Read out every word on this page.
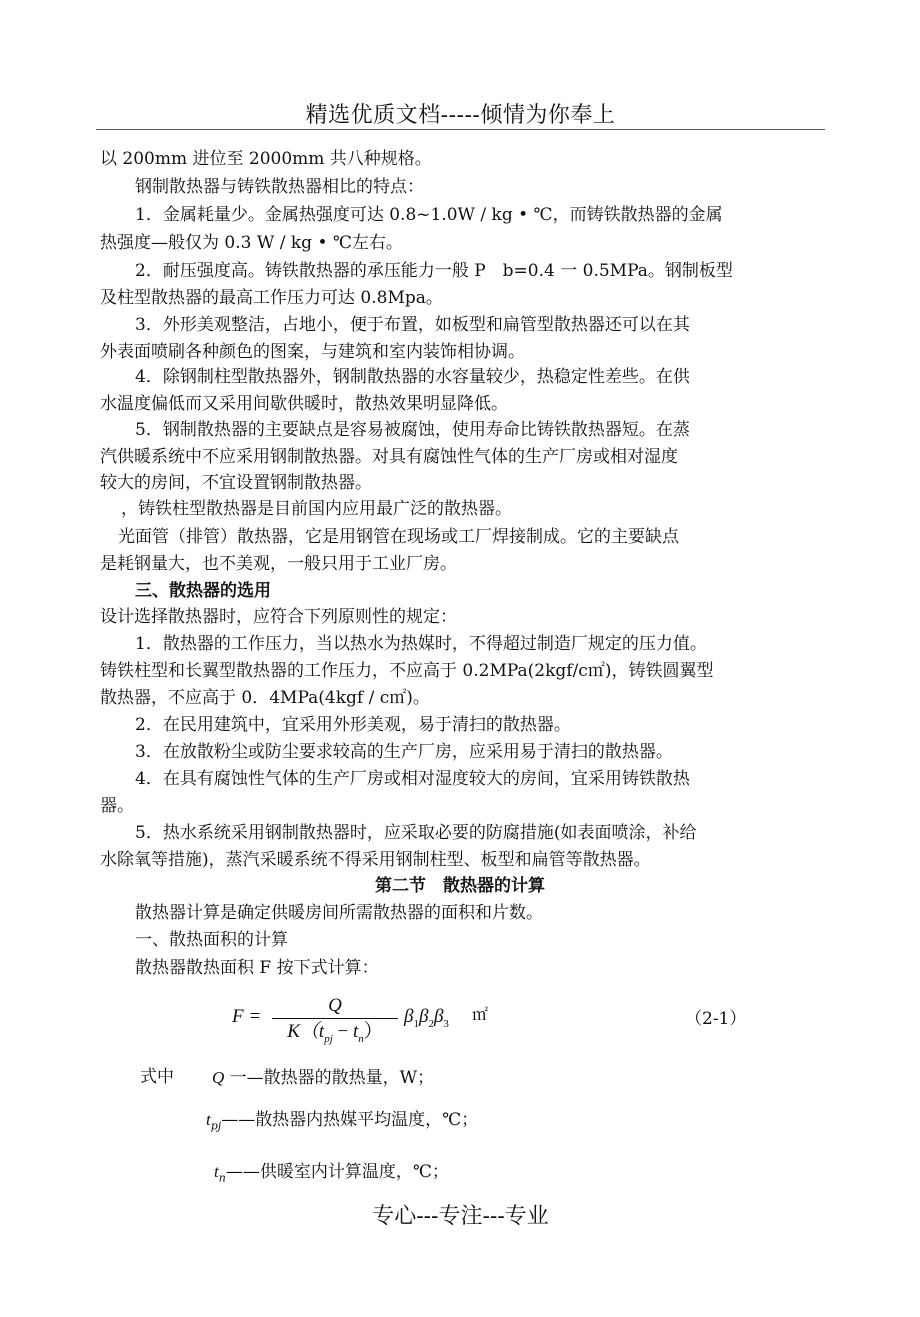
精选优质文档-----倾情为你奉上
以 200mm 进位至 2000mm 共八种规格。
钢制散热器与铸铁散热器相比的特点：
1．金属耗量少。金属热强度可达 0.8~1.0W / kg • ℃，而铸铁散热器的金属
热强度—般仅为 0.3 W / kg • ℃左右。
2．耐压强度高。铸铁散热器的承压能力一般 P　b=0.4 一 0.5MPa。钢制板型
及柱型散热器的最高工作压力可达 0.8Mpa。
3．外形美观整洁，占地小，便于布置，如板型和扁管型散热器还可以在其
外表面喷刷各种颜色的图案，与建筑和室内装饰相协调。
4．除钢制柱型散热器外，钢制散热器的水容量较少，热稳定性差些。在供
水温度偏低而又采用间歇供暖时，散热效果明显降低。
5．钢制散热器的主要缺点是容易被腐蚀，使用寿命比铸铁散热器短。在蒸
汽供暖系统中不应采用钢制散热器。对具有腐蚀性气体的生产厂房或相对湿度
较大的房间，不宜设置钢制散热器。
，铸铁柱型散热器是目前国内应用最广泛的散热器。
光面管（排管）散热器，它是用钢管在现场或工厂焊接制成。它的主要缺点
是耗钢量大，也不美观，一般只用于工业厂房。
三、散热器的选用
设计选择散热器时，应符合下列原则性的规定：
1．散热器的工作压力，当以热水为热媒时，不得超过制造厂规定的压力值。
铸铁柱型和长翼型散热器的工作压力，不应高于 0.2MPa(2kgf/c㎡)，铸铁圆翼型
散热器，不应高于 0．4MPa(4kgf / c㎡)。
2．在民用建筑中，宜采用外形美观，易于清扫的散热器。
3．在放散粉尘或防尘要求较高的生产厂房，应采用易于清扫的散热器。
4．在具有腐蚀性气体的生产厂房或相对湿度较大的房间，宜采用铸铁散热
器。
5．热水系统采用钢制散热器时，应采取必要的防腐措施(如表面喷涂，补给
水除氧等措施)，蒸汽采暖系统不得采用钢制柱型、板型和扁管等散热器。
第二节　散热器的计算
散热器计算是确定供暖房间所需散热器的面积和片数。
一、散热面积的计算
散热器散热面积 F 按下式计算：
F =
Q
$K(t_{pj} - t_n)$
$\beta_1\beta_2\beta_3$ ㎡	（2-1）
式中 Q 一—散热器的散热量，W；
$t_{pj}——$散热器内热媒平均温度，℃；
$t_n——$供暖室内计算温度，℃；
专心---专注---专业
